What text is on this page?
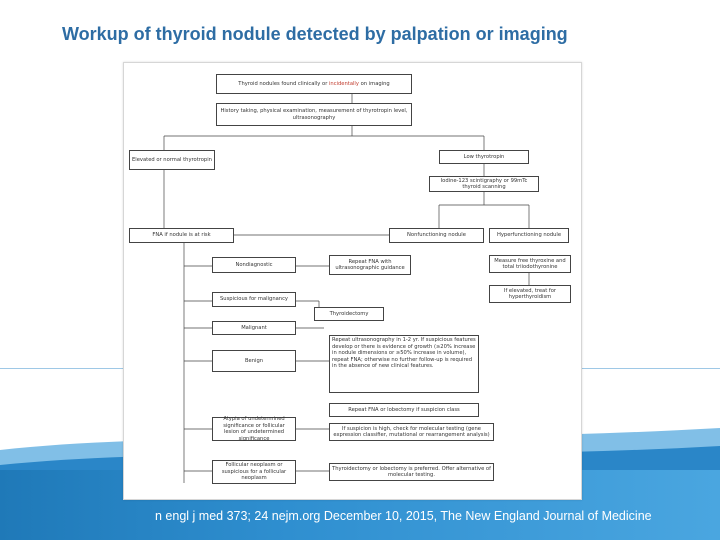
Workup of thyroid nodule detected by palpation or imaging
Thyroid nodules found clinically or incidentally on imaging
History taking, physical examination, measurement of thyrotropin level, ultrasonography
Elevated or normal thyrotropin	Low thyrotropin
Iodine-123 scintigraphy or 99mTc thyroid scanning
FNA if nodule is at risk	Nonfunctioning nodule	Hyperfunctioning nodule
Nondiagnostic
Repeat FNA with ultrasonographic guidance
Measure free thyroxine and total triiodothyronine
Suspicious for malignancy
If elevated, treat for hyperthyroidism
Thyroidectomy
Malignant
Benign
Repeat ultrasonography in 1-2 yr. If suspicious features develop or there is evidence of growth (≥20% increase in nodule dimensions or ≥50% increase in volume), repeat FNA; otherwise no further follow-up is required in the absence of new clinical features.
Repeat FNA or lobectomy if suspicion class
Atypia of undetermined significance or follicular lesion of undetermined significance
If suspicion is high, check for molecular testing (gene expression classifier, mutational or rearrangement analysis)
Follicular neoplasm or suspicious for a follicular neoplasm
Thyroidectomy or lobectomy is preferred. Offer alternative of molecular testing.
n engl j med 373; 24 nejm.org December 10, 2015, The New England Journal of Medicine
